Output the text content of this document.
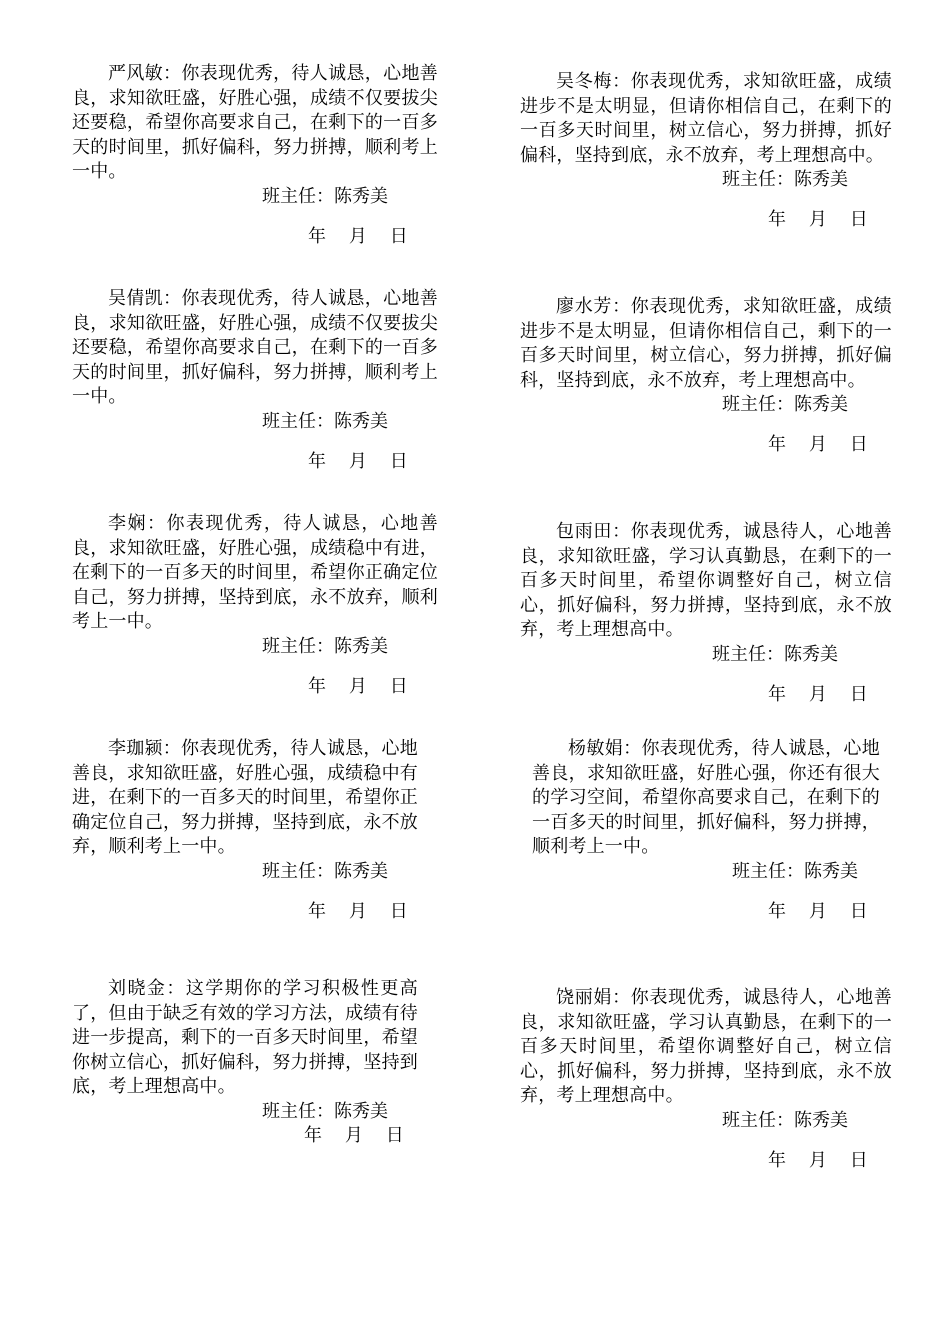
严风敏：你表现优秀，待人诚恳，心地善良，求知欲旺盛，好胜心强，成绩不仅要拔尖还要稳，希望你高要求自己，在剩下的一百多天的时间里，抓好偏科，努力拼搏，顺利考上一中。

班主任：陈秀美
年    月    日

吴倩凯：你表现优秀，待人诚恳，心地善良，求知欲旺盛，好胜心强，成绩不仅要拔尖还要稳，希望你高要求自己，在剩下的一百多天的时间里，抓好偏科，努力拼搏，顺利考上一中。

班主任：陈秀美
年    月    日

李娴：你表现优秀，待人诚恳，心地善良，求知欲旺盛，好胜心强，成绩稳中有进，在剩下的一百多天的时间里，希望你正确定位自己，努力拼搏，坚持到底，永不放弃，顺利考上一中。

班主任：陈秀美
年    月    日

李珈颍：你表现优秀，待人诚恳，心地善良，求知欲旺盛，好胜心强，成绩稳中有进，在剩下的一百多天的时间里，希望你正确定位自己，努力拼搏，坚持到底，永不放弃，顺利考上一中。

班主任：陈秀美
年    月    日

刘晓金：这学期你的学习积极性更高了，但由于缺乏有效的学习方法，成绩有待进一步提高，剩下的一百多天时间里，希望你树立信心，抓好偏科，努力拼搏，坚持到底，考上理想高中。

班主任：陈秀美
年    月    日

吴冬梅：你表现优秀，求知欲旺盛，成绩进步不是太明显，但请你相信自己，在剩下的一百多天时间里，树立信心，努力拼搏，抓好偏科，坚持到底，永不放弃，考上理想高中。

班主任：陈秀美
年    月    日

廖水芳：你表现优秀，求知欲旺盛，成绩进步不是太明显，但请你相信自己，剩下的一百多天时间里，树立信心，努力拼搏，抓好偏科，坚持到底，永不放弃，考上理想高中。

班主任：陈秀美
年    月    日

包雨田：你表现优秀，诚恳待人，心地善良，求知欲旺盛，学习认真勤恳，在剩下的一百多天时间里，希望你调整好自己，树立信心，抓好偏科，努力拼搏，坚持到底，永不放弃，考上理想高中。

班主任：陈秀美
年    月    日

杨敏娟：你表现优秀，待人诚恳，心地善良，求知欲旺盛，好胜心强，你还有很大的学习空间，希望你高要求自己，在剩下的一百多天的时间里，抓好偏科，努力拼搏，顺利考上一中。

班主任：陈秀美
年    月    日

饶丽娟：你表现优秀，诚恳待人，心地善良，求知欲旺盛，学习认真勤恳，在剩下的一百多天时间里，希望你调整好自己，树立信心，抓好偏科，努力拼搏，坚持到底，永不放弃，考上理想高中。

班主任：陈秀美
年    月    日
